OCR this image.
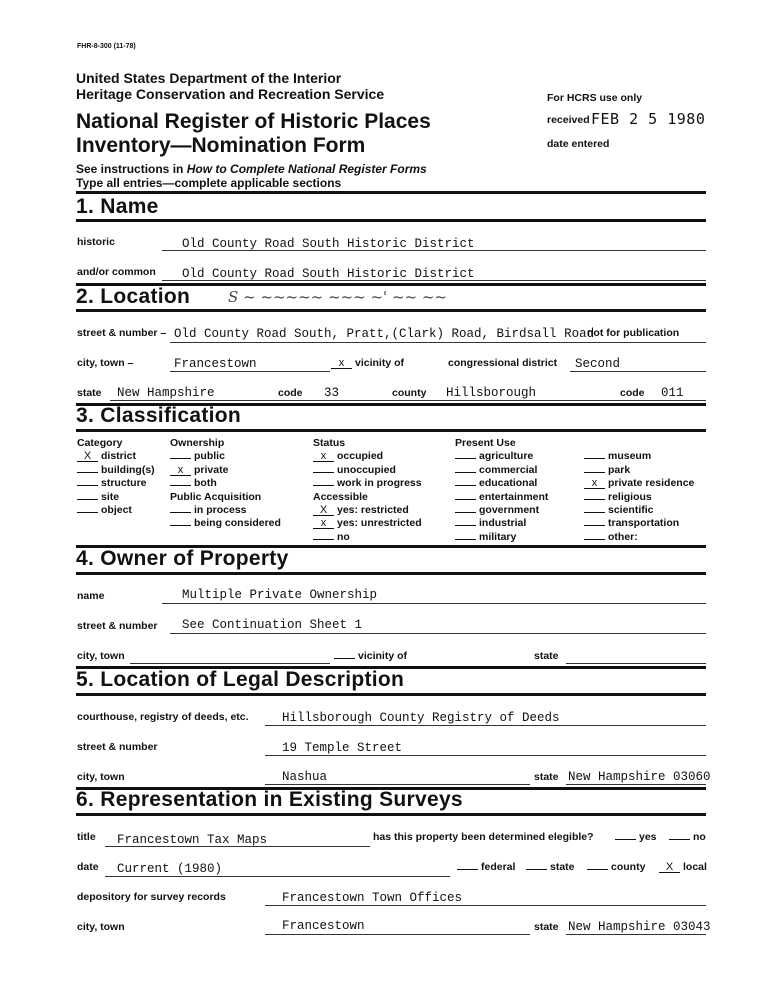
FHR-8-300 (11-78)
United States Department of the Interior
Heritage Conservation and Recreation Service
National Register of Historic Places
Inventory—Nomination Form
See instructions in How to Complete National Register Forms
Type all entries—complete applicable sections
For HCRS use only
received FEB 2 5 1980
date entered
1. Name
historic	Old County Road South Historic District
and/or common Old County Road South Historic District
2. Location	S ~ ~~~~~ ~~~ ~' ~~ ~~
street & number – Old County Road South, Pratt,(Clark) Road, Birdsall Road
not for publication
city, town –	Francestown	x vicinity of	congressional district Second
state New Hampshire	code 33	county Hillsborough	code 011
3. Classification
Category
X district
building(s)
structure
site
object
Ownership
public
x private
both
Public Acquisition
in process
being considered
Status
x occupied
unoccupied
work in progress
Accessible
X yes: restricted
x yes: unrestricted
no
Present Use
agriculture
commercial
educational
entertainment
government
industrial
military
museum
park
x private residence
religious
scientific
transportation
other:
4. Owner of Property
name	Multiple Private Ownership
street & number See Continuation Sheet 1
city, town	vicinity of	state
5. Location of Legal Description
courthouse, registry of deeds, etc.	Hillsborough County Registry of Deeds
street & number	19 Temple Street
city, town	Nashua	state New Hampshire 03060
6. Representation in Existing Surveys
title Francestown Tax Maps	has this property been determined elegible?	yes	no
date Current (1980)	federal	state	county	X local
depository for survey records	Francestown Town Offices
city, town	Francestown	state New Hampshire 03043
